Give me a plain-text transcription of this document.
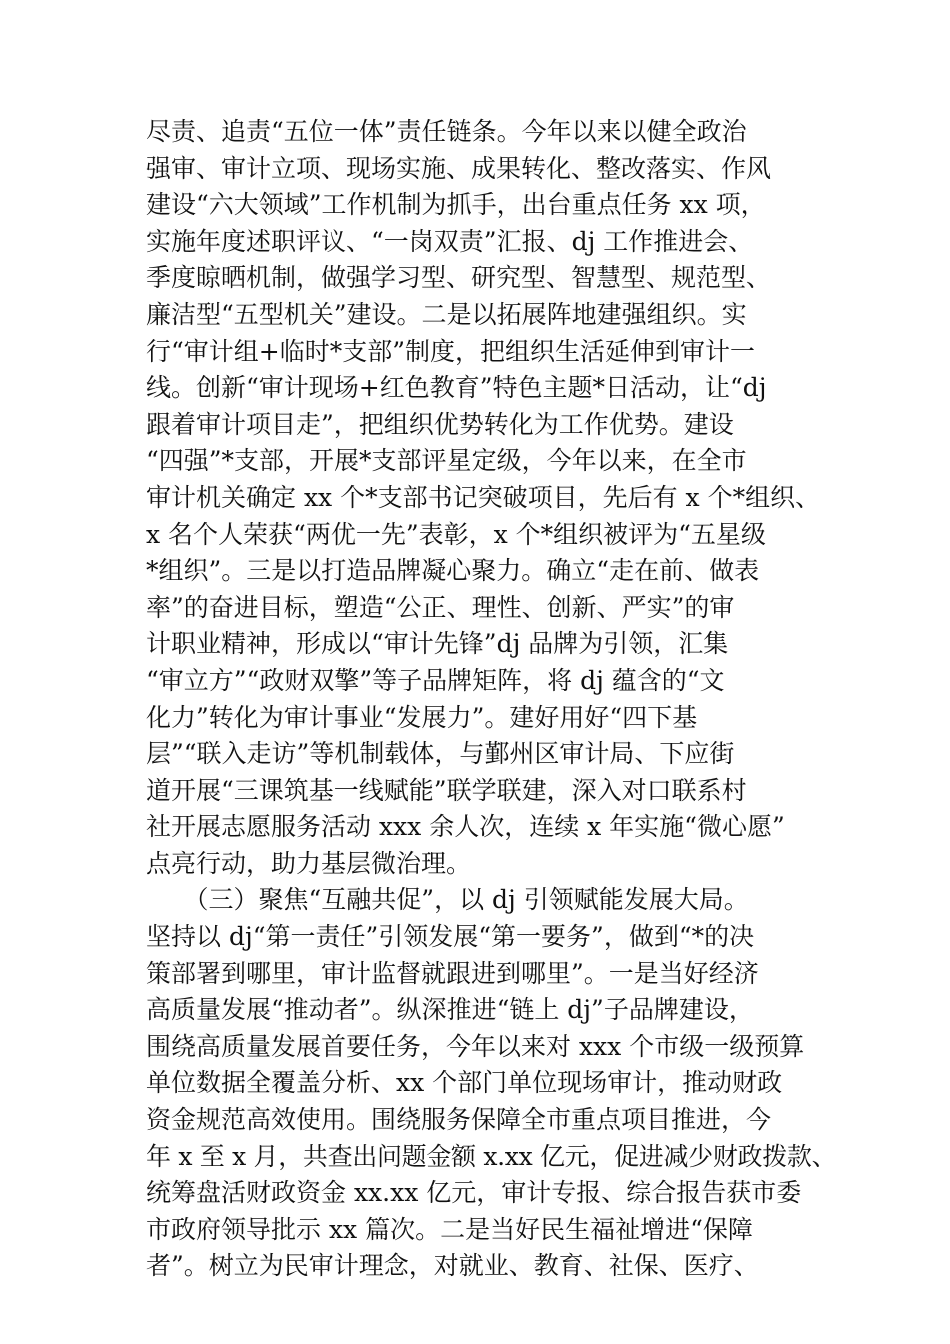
尽责、追责“五位一体”责任链条。今年以来以健全政治
强审、审计立项、现场实施、成果转化、整改落实、作风
建设“六大领域”工作机制为抓手，出台重点任务 xx 项，
实施年度述职评议、“一岗双责”汇报、dj 工作推进会、
季度晾晒机制，做强学习型、研究型、智慧型、规范型、
廉洁型“五型机关”建设。二是以拓展阵地建强组织。实
行“审计组+临时*支部”制度，把组织生活延伸到审计一
线。创新“审计现场+红色教育”特色主题*日活动，让“dj
跟着审计项目走”，把组织优势转化为工作优势。建设
“四强”*支部，开展*支部评星定级，今年以来，在全市
审计机关确定 xx 个*支部书记突破项目，先后有 x 个*组织、
x 名个人荣获“两优一先”表彰，x 个*组织被评为“五星级
*组织”。三是以打造品牌凝心聚力。确立“走在前、做表
率”的奋进目标，塑造“公正、理性、创新、严实”的审
计职业精神，形成以“审计先锋”dj 品牌为引领，汇集
“审立方”“政财双擎”等子品牌矩阵，将 dj 蕴含的“文
化力”转化为审计事业“发展力”。建好用好“四下基
层”“联入走访”等机制载体，与鄞州区审计局、下应街
道开展“三课筑基一线赋能”联学联建，深入对口联系村
社开展志愿服务活动 xxx 余人次，连续 x 年实施“微心愿”
点亮行动，助力基层微治理。
　　（三）聚焦“互融共促”，以 dj 引领赋能发展大局。
坚持以 dj“第一责任”引领发展“第一要务”，做到“*的决
策部署到哪里，审计监督就跟进到哪里”。一是当好经济
高质量发展“推动者”。纵深推进“链上 dj”子品牌建设，
围绕高质量发展首要任务，今年以来对 xxx 个市级一级预算
单位数据全覆盖分析、xx 个部门单位现场审计，推动财政
资金规范高效使用。围绕服务保障全市重点项目推进，今
年 x 至 x 月，共查出问题金额 x.xx 亿元，促进减少财政拨款、
统筹盘活财政资金 xx.xx 亿元，审计专报、综合报告获市委
市政府领导批示 xx 篇次。二是当好民生福祉增进“保障
者”。树立为民审计理念，对就业、教育、社保、医疗、
